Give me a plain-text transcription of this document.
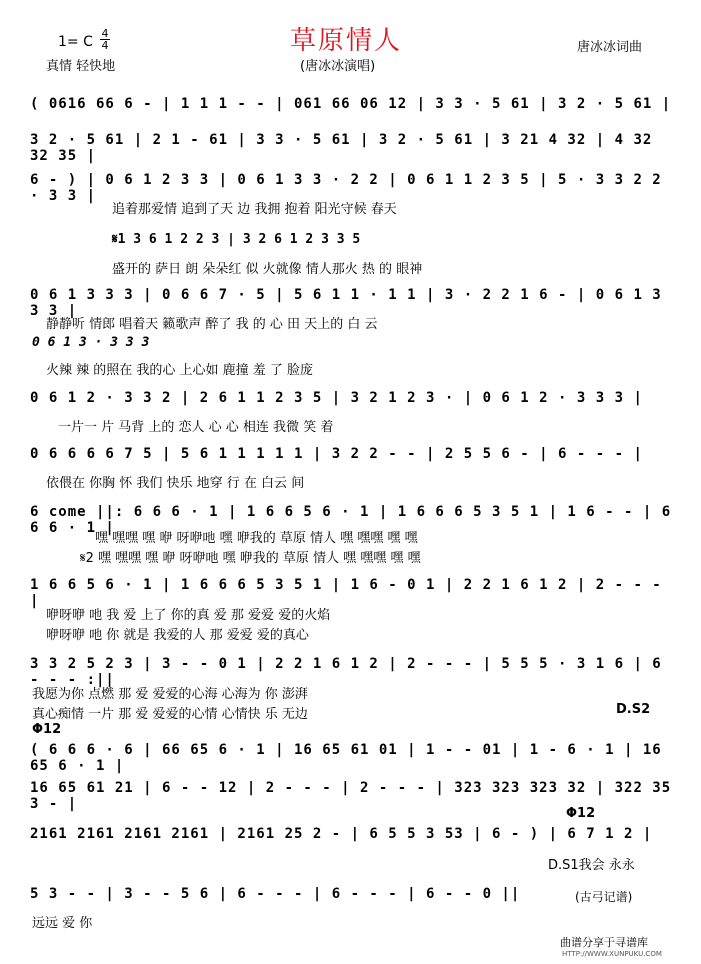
1= C
4
4	草原情人	唐冰冰词曲
真情 轻快地	(唐冰冰演唱)
( 0616 66 6 - | 1 1 1 - - | 061 66 06 12 | 3 3 · 5 61 | 3 2 · 5 61 |
3 2 · 5 61 | 2 1 - 61 | 3 3 · 5 61 | 3 2 · 5 61 | 3 21 4 32 | 4 32 32 35 |
6 - ) | 0 6 1 2 3 3 | 0 6 1 3 3 · 2 2 | 0 6 1 1 2 3 5 | 5 · 3 3 2 2 · 3 3 |
追着那爱情 追到了天 边 我拥 抱着 阳光守候 春天
𝄋1 3 6 1 2 2 3 | 3 2 6 1 2 3 3 5
盛开的 萨日 朗 朵朵红 似 火就像 情人那火 热 的 眼神
0 6 1 3 3 3 | 0 6 6 7 · 5 | 5 6 1 1 · 1 1 | 3 · 2 2 1 6 - | 0 6 1 3 3 3 |
静静听 情郎 唱着天 籁歌声 醉了 我 的 心 田 天上的 白 云
0 6 1 3 · 3 3 3
火辣 辣 的照在 我的心 上心如 鹿撞 羞 了 脸庞
0 6 1 2 · 3 3 2 | 2 6 1 1 2 3 5 | 3 2 1 2 3 · | 0 6 1 2 · 3 3 3 |
一片一 片 马背 上的 恋人 心 心 相连 我微 笑 着
0 6 6 6 6 7 5 | 5 6 1 1 1 1 1 | 3 2 2 - - | 2 5 5 6 - | 6 - - - |
依偎在 你胸 怀 我们 快乐 地穿 行 在 白云 间
6 come ||: 6 6 6 · 1 | 1 6 6 5 6 · 1 | 1 6 6 6 5 3 5 1 | 1 6 - - | 6 6 6 · 1 |
嘿 嘿嘿 嘿 咿 呀咿吔 嘿 咿我的 草原 情人 嘿 嘿嘿 嘿 嘿
𝄋2 嘿 嘿嘿 嘿 咿 呀咿吔 嘿 咿我的 草原 情人 嘿 嘿嘿 嘿 嘿
1 6 6 5 6 · 1 | 1 6 6 6 5 3 5 1 | 1 6 - 0 1 | 2 2 1 6 1 2 | 2 - - - |
咿呀咿 吔 我 爱 上了 你的真 爱 那 爱爱 爱的火焰
咿呀咿 吔 你 就是 我爱的人 那 爱爱 爱的真心
3 3 2 5 2 3 | 3 - - 0 1 | 2 2 1 6 1 2 | 2 - - - | 5 5 5 · 3 1 6 | 6 - - - :||
我愿为你 点燃 那 爱 爱爱的心海 心海为 你 澎湃
真心痴情 一片 那 爱 爱爱的心情 心情快 乐 无边	D.S2
Φ12
( 6 6 6 · 6 | 66 65 6 · 1 | 16 65 61 01 | 1 - - 01 | 1 - 6 · 1 | 16 65 6 · 1 |
16 65 61 21 | 6 - - 12 | 2 - - - | 2 - - - | 323 323 323 32 | 322 35 3 - |
Φ12
2161 2161 2161 2161 | 2161 25 2 - | 6 5 5 3 53 | 6 - ) | 6 7 1 2 |
D.S1我会 永永
5 3 - - | 3 - - 5 6 | 6 - - - | 6 - - - | 6 - - 0 ||
远远 爱 你
(古弓记谱)
曲谱分享于寻谱库
HTTP://WWW.XUNPUKU.COM
